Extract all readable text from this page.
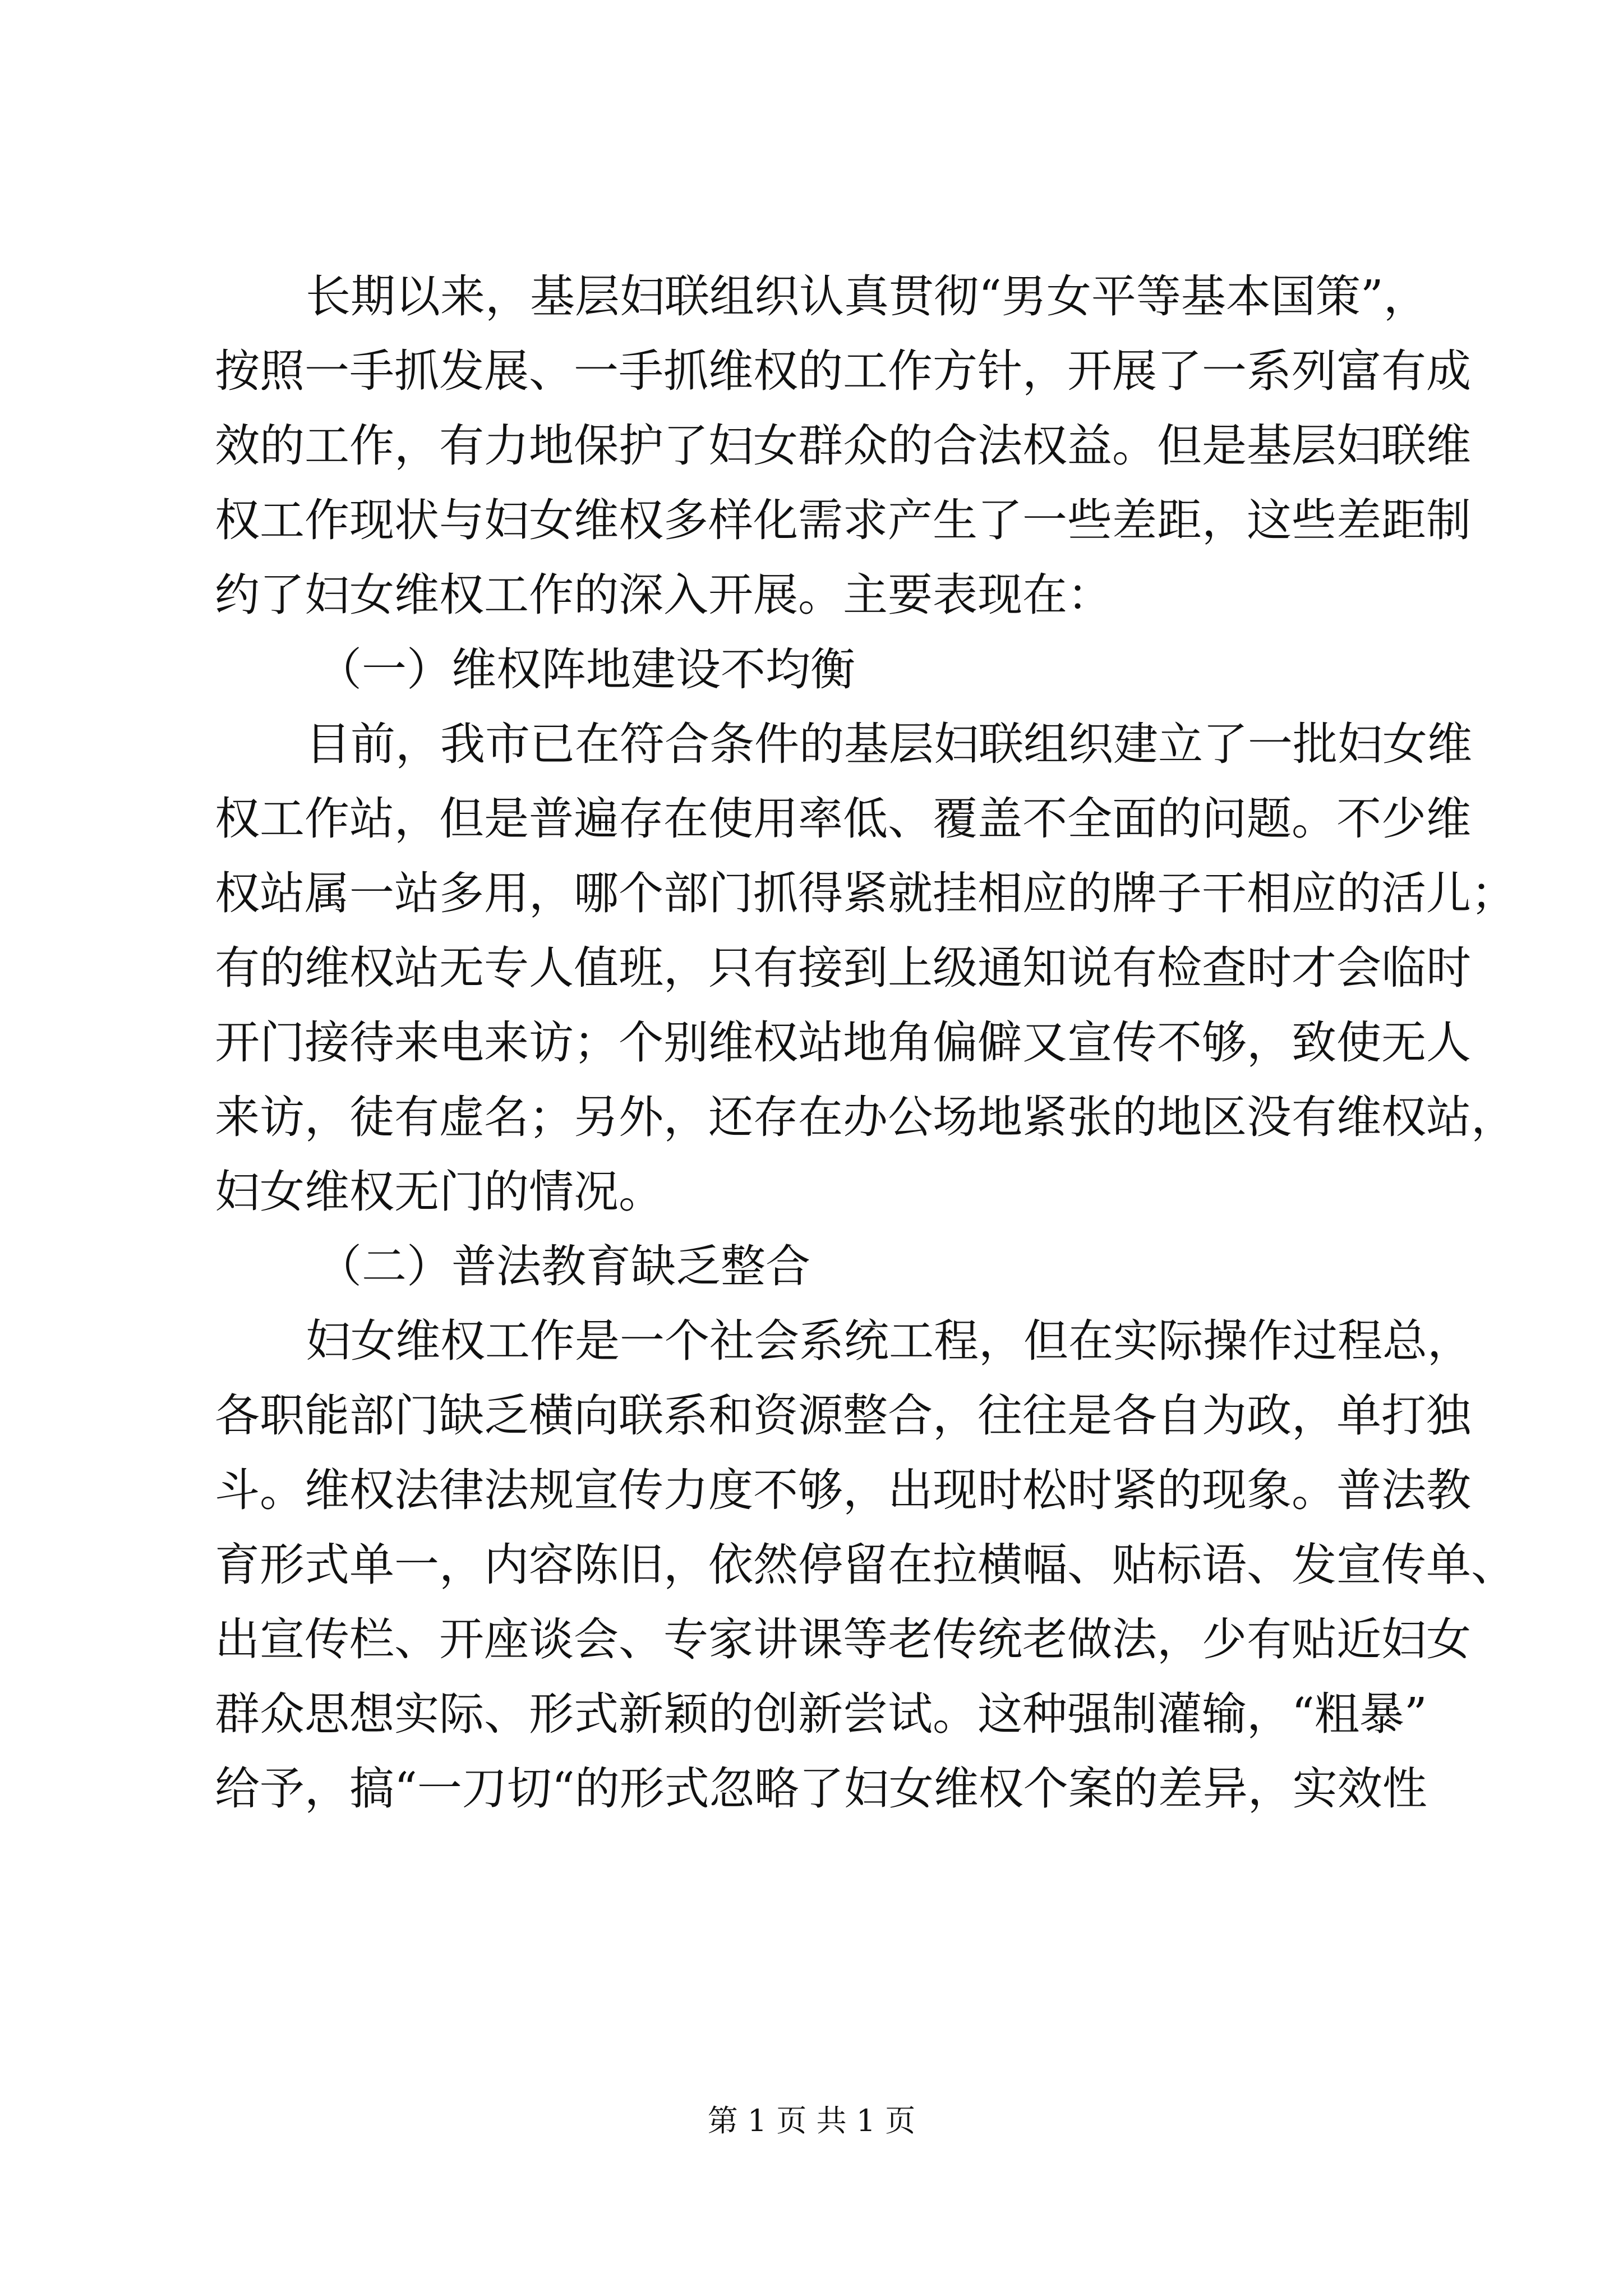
长期以来，基层妇联组织认真贯彻“男女平等基本国策”，
按照一手抓发展、一手抓维权的工作方针，开展了一系列富有成
效的工作，有力地保护了妇女群众的合法权益。但是基层妇联维
权工作现状与妇女维权多样化需求产生了一些差距，这些差距制
约了妇女维权工作的深入开展。主要表现在：
（一）维权阵地建设不均衡
目前，我市已在符合条件的基层妇联组织建立了一批妇女维
权工作站，但是普遍存在使用率低、覆盖不全面的问题。不少维
权站属一站多用，哪个部门抓得紧就挂相应的牌子干相应的活儿；
有的维权站无专人值班，只有接到上级通知说有检查时才会临时
开门接待来电来访；个别维权站地角偏僻又宣传不够，致使无人
来访，徒有虚名；另外，还存在办公场地紧张的地区没有维权站，
妇女维权无门的情况。
（二）普法教育缺乏整合
妇女维权工作是一个社会系统工程，但在实际操作过程总，
各职能部门缺乏横向联系和资源整合，往往是各自为政，单打独
斗。维权法律法规宣传力度不够，出现时松时紧的现象。普法教
育形式单一，内容陈旧，依然停留在拉横幅、贴标语、发宣传单、
出宣传栏、开座谈会、专家讲课等老传统老做法，少有贴近妇女
群众思想实际、形式新颖的创新尝试。这种强制灌输，“粗暴”
给予，搞“一刀切“的形式忽略了妇女维权个案的差异，实效性
第 1 页 共 1 页
